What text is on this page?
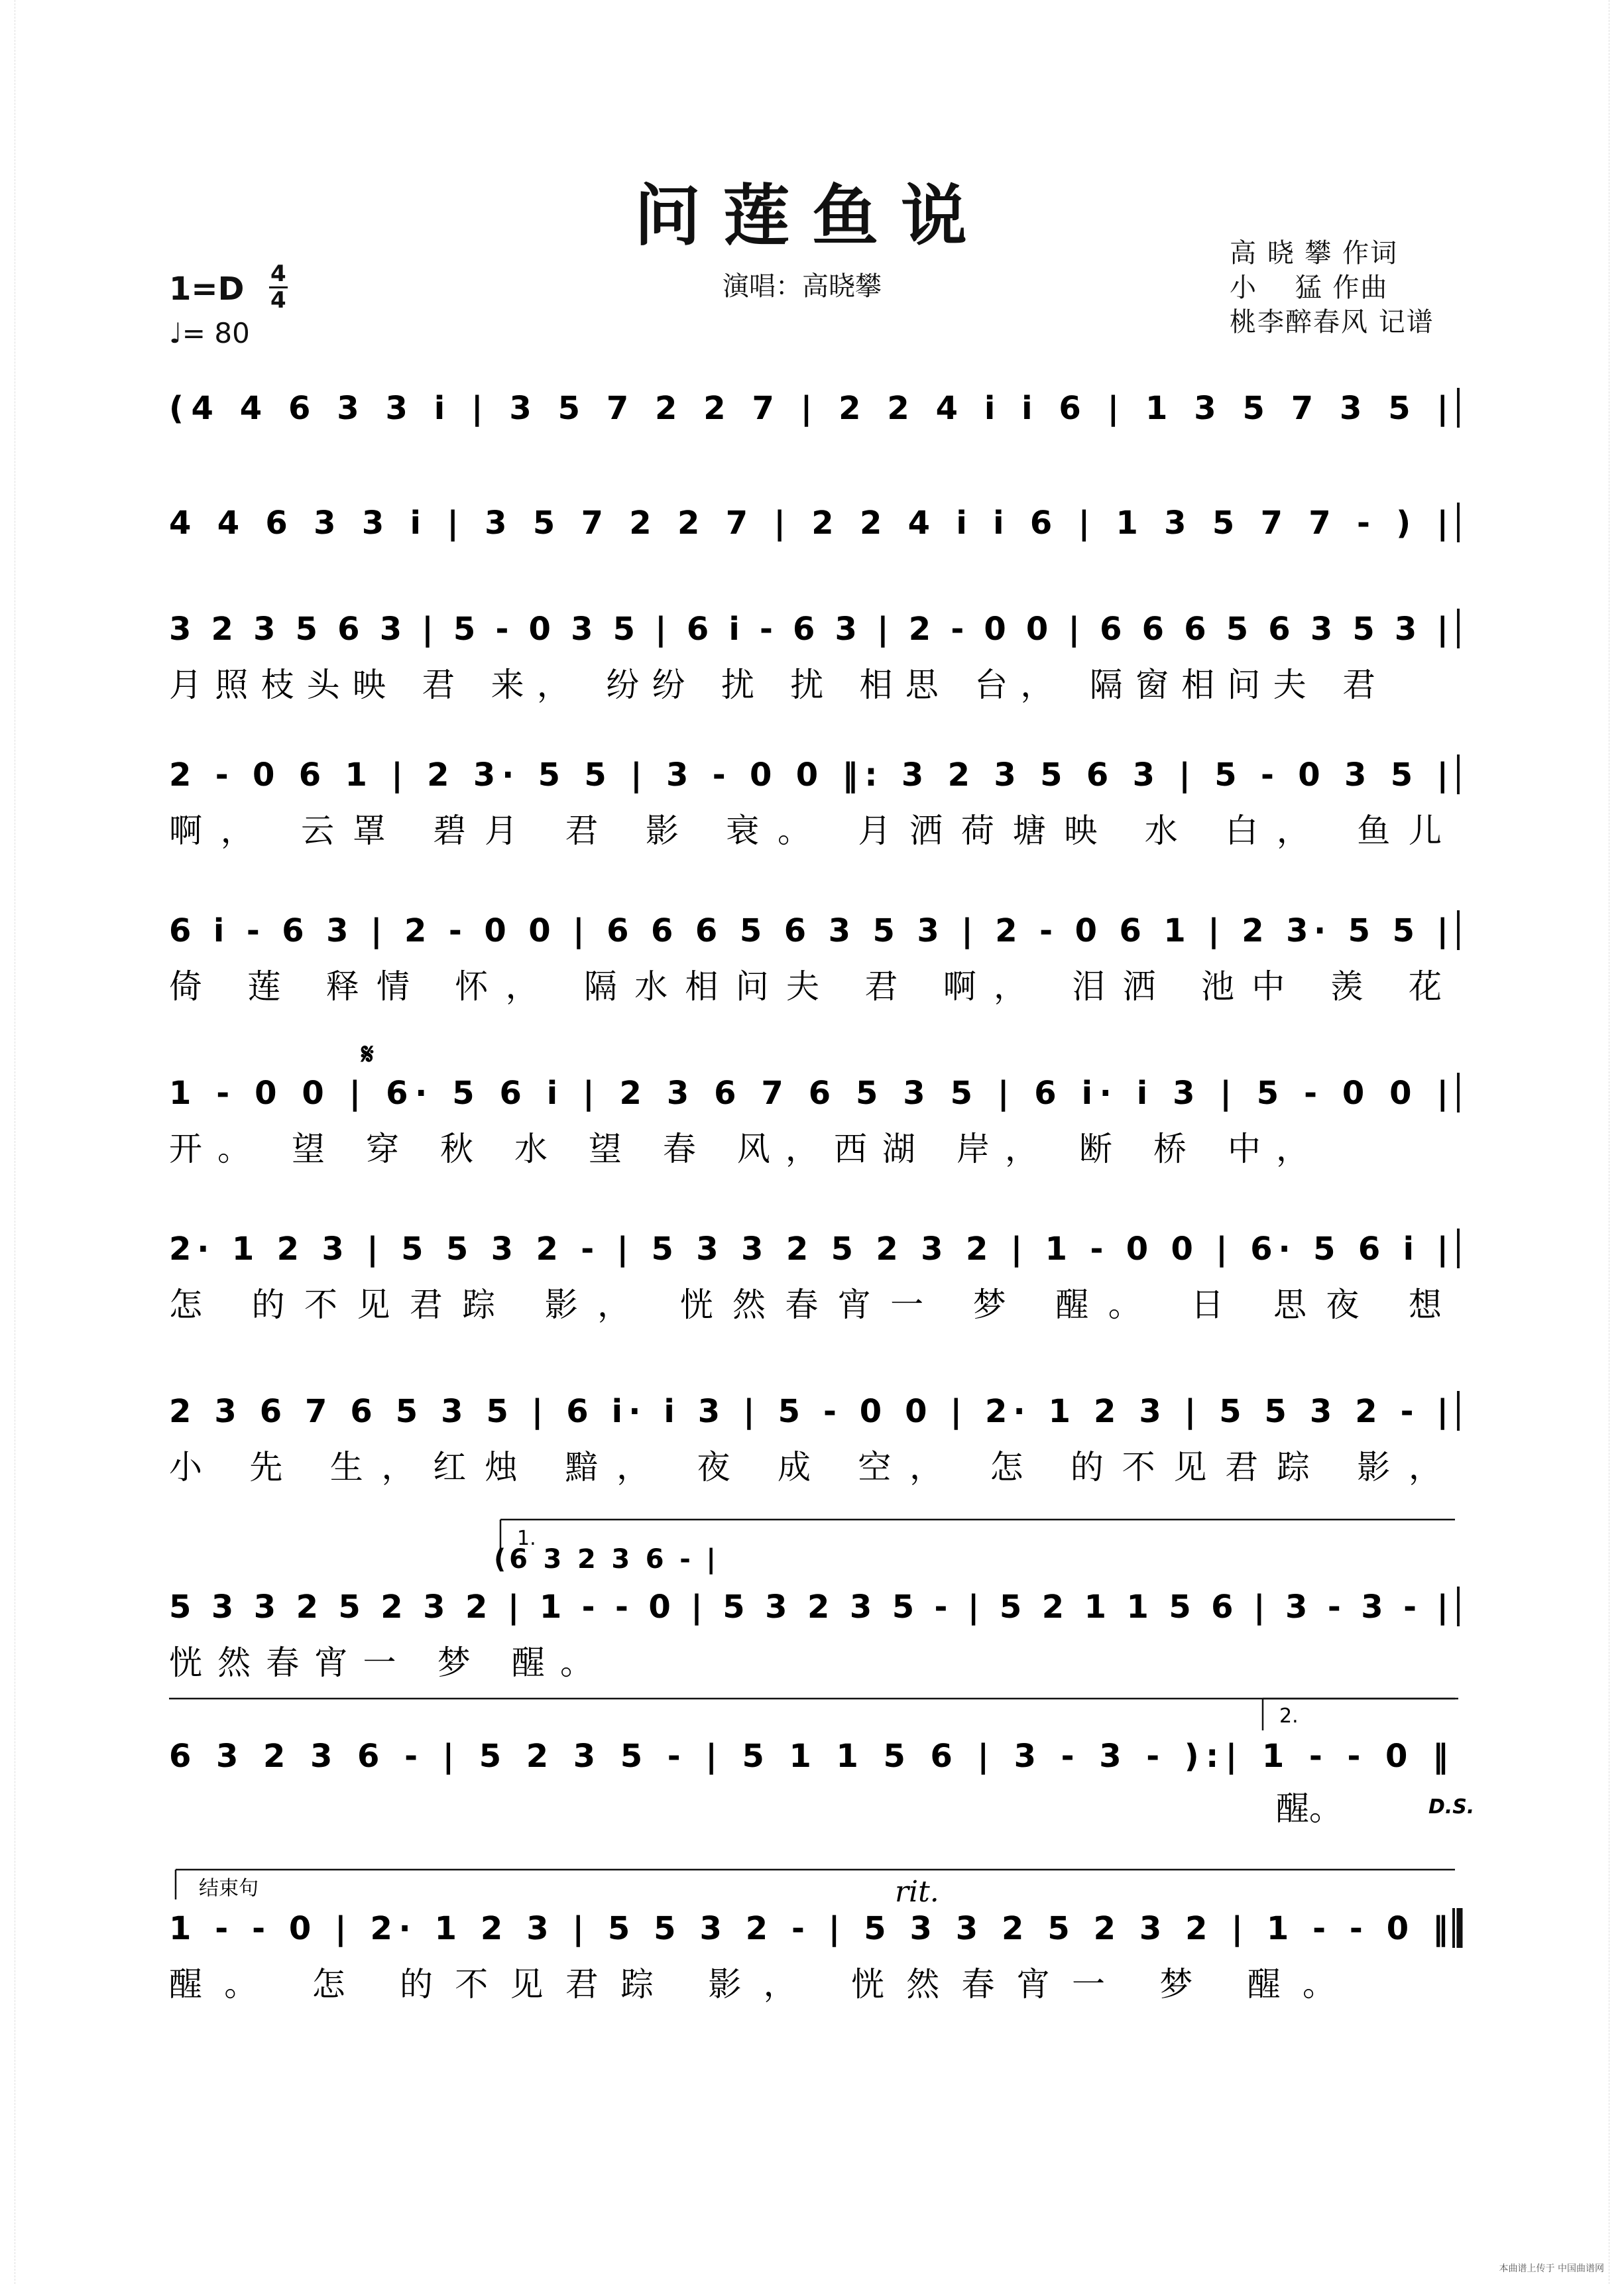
问莲鱼说
演唱：高晓攀
高 晓 攀 作词
小　 猛 作曲
桃李醉春风 记谱
1=D 4
4
♩= 80
(4 4 6 3 3 i | 3 5 7 2 2 7 | 2 2 4 i i 6 | 1 3 5 7 3 5 |
4 4 6 3 3 i | 3 5 7 2 2 7 | 2 2 4 i i 6 | 1 3 5 7 7 - ) |
3 2 3 5 6 3 | 5 - 0 3 5 | 6 i - 6 3 | 2 - 0 0 | 6 6 6 5 6 3 5 3 |
月照枝头映 君 来， 纷纷 扰 扰 相思 台， 隔窗相问夫 君
2 - 0 6 1 | 2 3· 5 5 | 3 - 0 0 ‖: 3 2 3 5 6 3 | 5 - 0 3 5 |
啊， 云罩 碧月 君 影 衰。 月洒荷塘映 水 白， 鱼儿
6 i - 6 3 | 2 - 0 0 | 6 6 6 5 6 3 5 3 | 2 - 0 6 1 | 2 3· 5 5 |
倚 莲 释情 怀， 隔水相问夫 君 啊， 泪洒 池中 羡 花
𝄋
1 - 0 0 | 6· 5 6 i | 2 3 6 7 6 5 3 5 | 6 i· i 3 | 5 - 0 0 |
开。 望 穿 秋 水 望 春 风，西湖 岸， 断 桥 中，
2· 1 2 3 | 5 5 3 2 - | 5 3 3 2 5 2 3 2 | 1 - 0 0 | 6· 5 6 i |
怎 的不见君踪 影， 恍然春宵一 梦 醒。 日 思夜 想
2 3 6 7 6 5 3 5 | 6 i· i 3 | 5 - 0 0 | 2· 1 2 3 | 5 5 3 2 - |
小 先 生，红烛 黯， 夜 成 空， 怎 的不见君踪 影，
1.
(6 3 2 3 6 - |
5 3 3 2 5 2 3 2 | 1 - - 0 | 5 3 2 3 5 - | 5 2 1 1 5 6 | 3 - 3 - |
恍然春宵一 梦 醒。
2.
6 3 2 3 6 - | 5 2 3 5 - | 5 1 1 5 6 | 3 - 3 - ):| 1 - - 0 ‖
醒。	D.S.
结束句	rit.
1 - - 0 | 2· 1 2 3 | 5 5 3 2 - | 5 3 3 2 5 2 3 2 | 1 - - 0 ‖
醒。 怎 的不见君踪 影， 恍然春宵一 梦 醒。
本曲谱上传于 中国曲谱网
